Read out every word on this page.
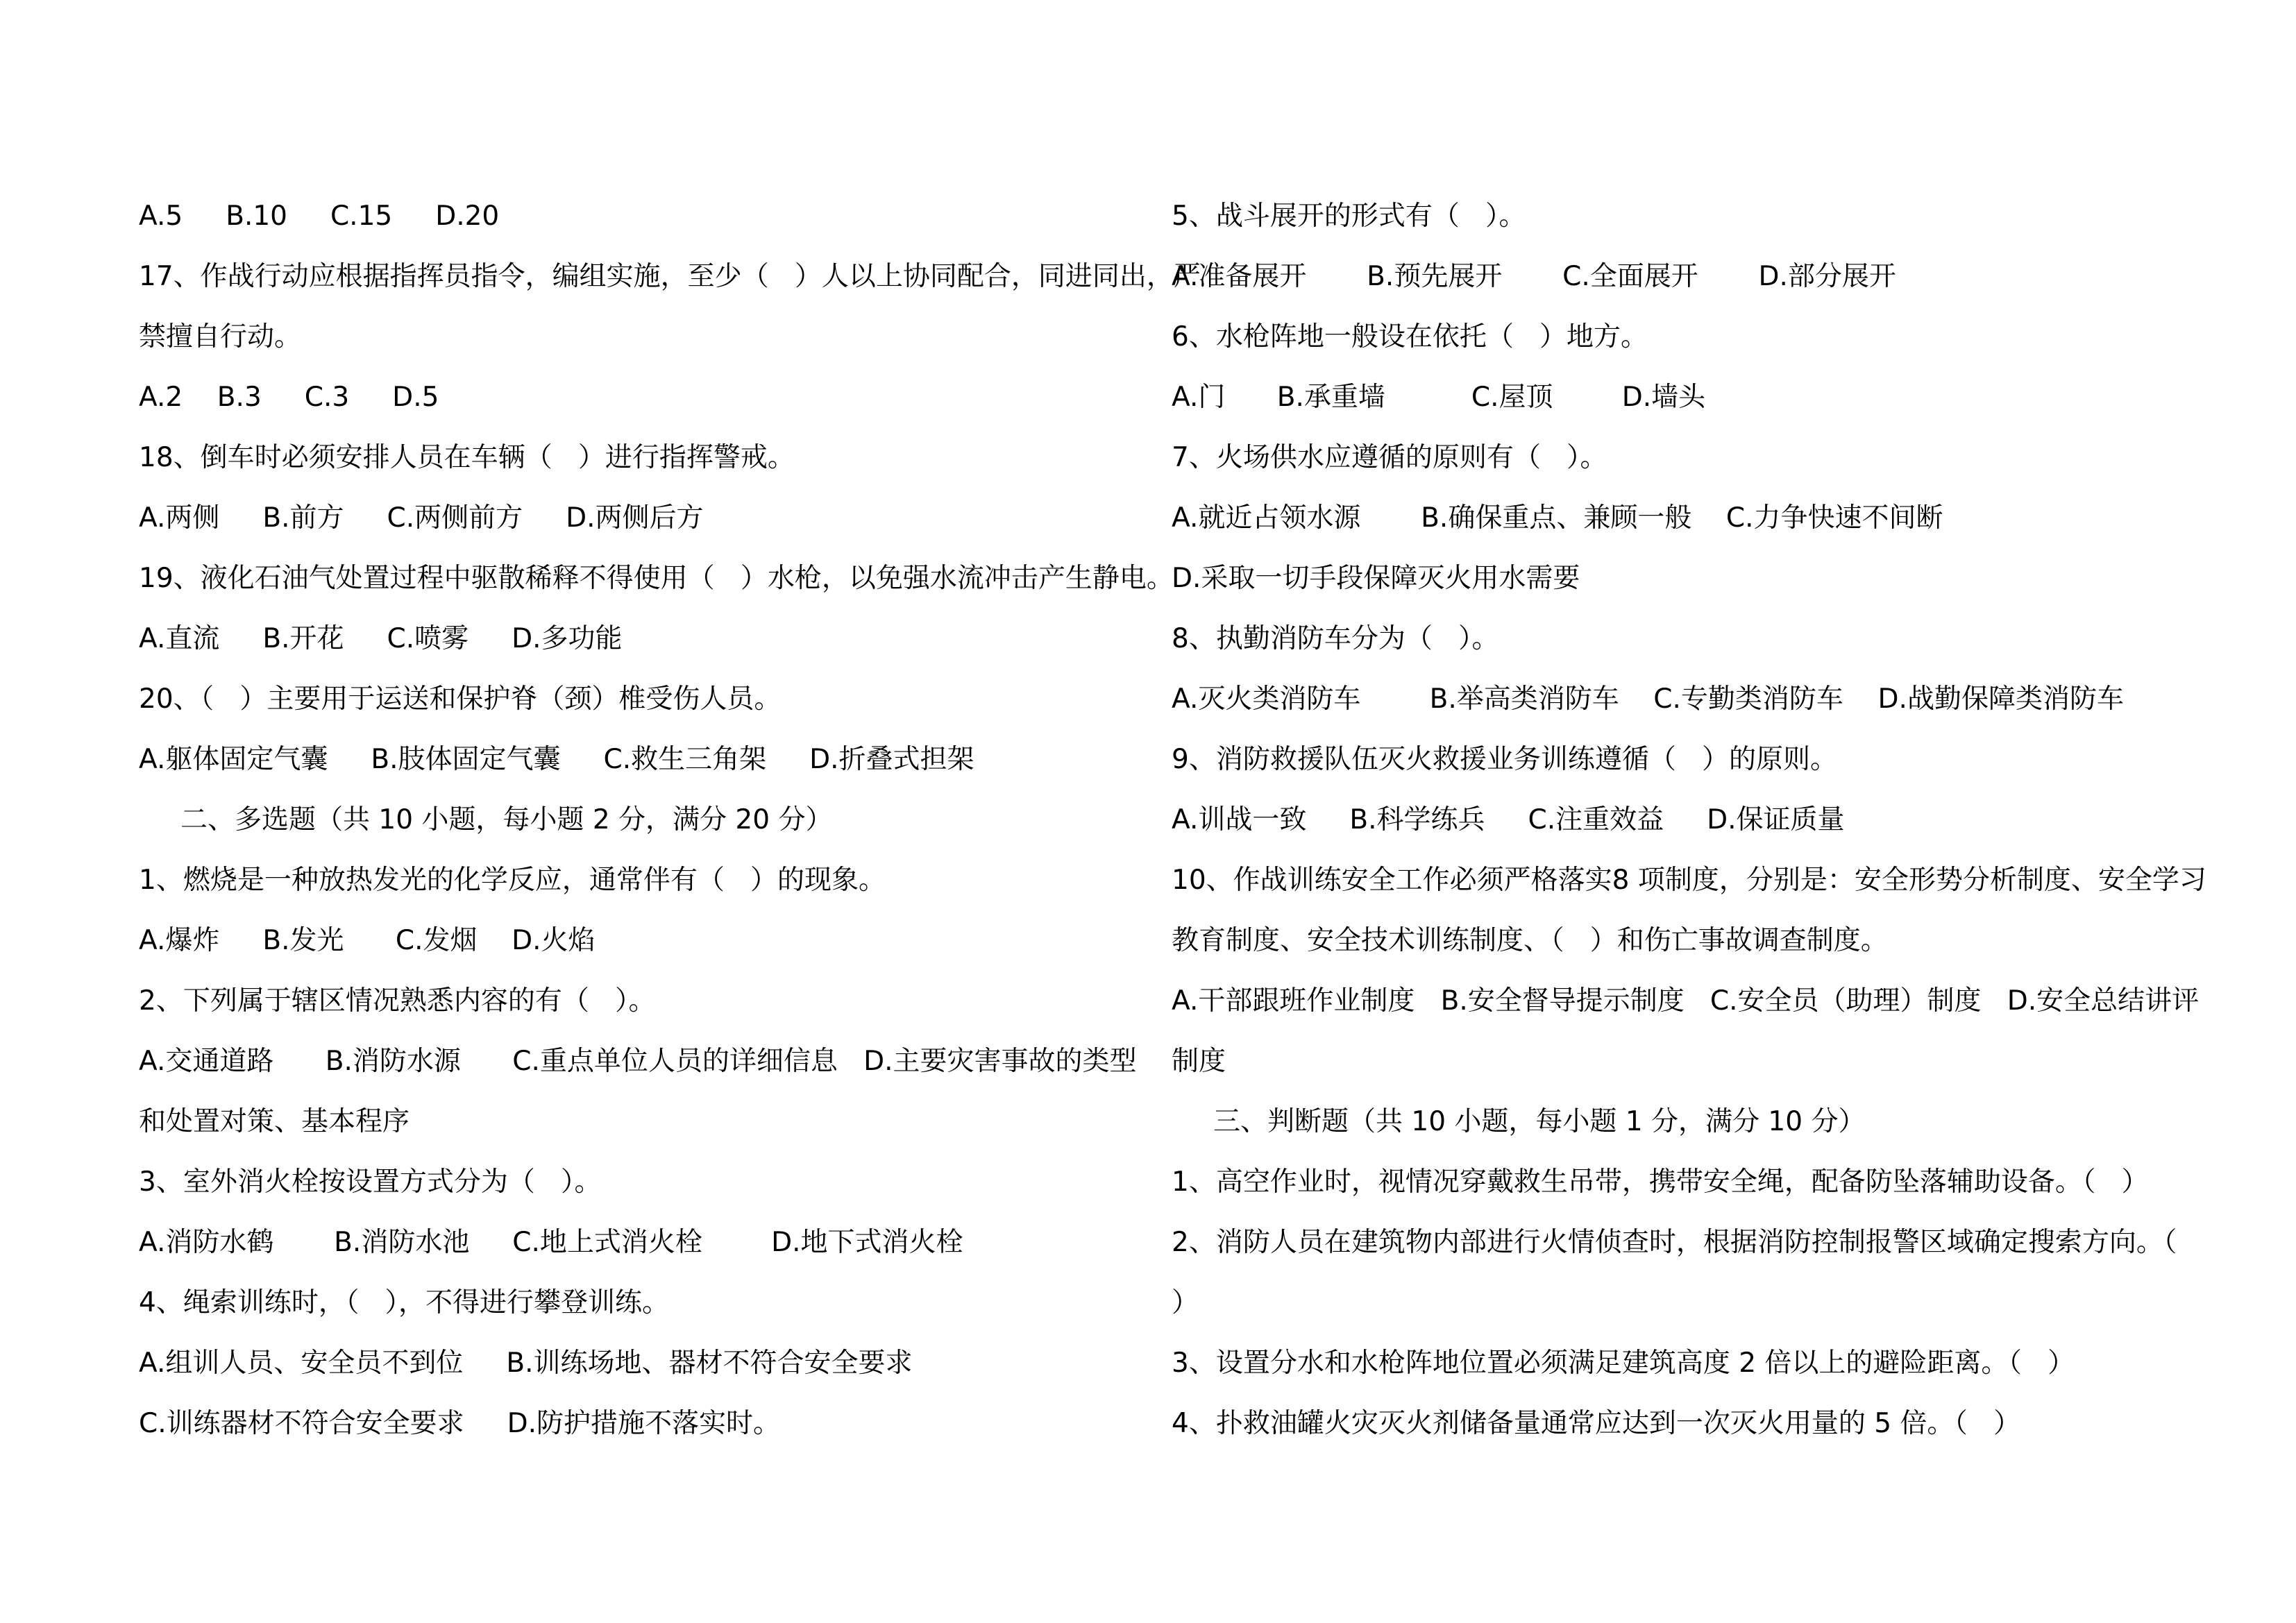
A.5     B.10     C.15     D.20
17、作战行动应根据指挥员指令，编组实施，至少（   ）人以上协同配合，同进同出，严
禁擅自行动。
A.2    B.3     C.3     D.5
18、倒车时必须安排人员在车辆（   ）进行指挥警戒。
A.两侧     B.前方     C.两侧前方     D.两侧后方
19、液化石油气处置过程中驱散稀释不得使用（   ）水枪，以免强水流冲击产生静电。
A.直流     B.开花     C.喷雾     D.多功能
20、（   ）主要用于运送和保护脊（颈）椎受伤人员。
A.躯体固定气囊     B.肢体固定气囊     C.救生三角架     D.折叠式担架
二、多选题（共 10 小题，每小题 2 分，满分 20 分）
1、燃烧是一种放热发光的化学反应，通常伴有（   ）的现象。
A.爆炸     B.发光      C.发烟    D.火焰
2、下列属于辖区情况熟悉内容的有（   ）。
A.交通道路      B.消防水源      C.重点单位人员的详细信息   D.主要灾害事故的类型
和处置对策、基本程序
3、室外消火栓按设置方式分为（   ）。
A.消防水鹤       B.消防水池     C.地上式消火栓        D.地下式消火栓
4、绳索训练时，（   ），不得进行攀登训练。
A.组训人员、安全员不到位     B.训练场地、器材不符合安全要求
C.训练器材不符合安全要求     D.防护措施不落实时。
5、战斗展开的形式有（   ）。
A.准备展开       B.预先展开       C.全面展开       D.部分展开
6、水枪阵地一般设在依托（   ）地方。
A.门      B.承重墙          C.屋顶        D.墙头
7、火场供水应遵循的原则有（   ）。
A.就近占领水源       B.确保重点、兼顾一般    C.力争快速不间断
D.采取一切手段保障灭火用水需要
8、执勤消防车分为（   ）。
A.灭火类消防车        B.举高类消防车    C.专勤类消防车    D.战勤保障类消防车
9、消防救援队伍灭火救援业务训练遵循（   ）的原则。
A.训战一致     B.科学练兵     C.注重效益     D.保证质量
10、作战训练安全工作必须严格落实8 项制度，分别是：安全形势分析制度、安全学习
教育制度、安全技术训练制度、（   ）和伤亡事故调查制度。
A.干部跟班作业制度   B.安全督导提示制度   C.安全员（助理）制度   D.安全总结讲评
制度
三、判断题（共 10 小题，每小题 1 分，满分 10 分）
1、高空作业时，视情况穿戴救生吊带，携带安全绳，配备防坠落辅助设备。（   ）
2、消防人员在建筑物内部进行火情侦查时，根据消防控制报警区域确定搜索方向。（
）
3、设置分水和水枪阵地位置必须满足建筑高度 2 倍以上的避险距离。（   ）
4、扑救油罐火灾灭火剂储备量通常应达到一次灭火用量的 5 倍。（   ）
